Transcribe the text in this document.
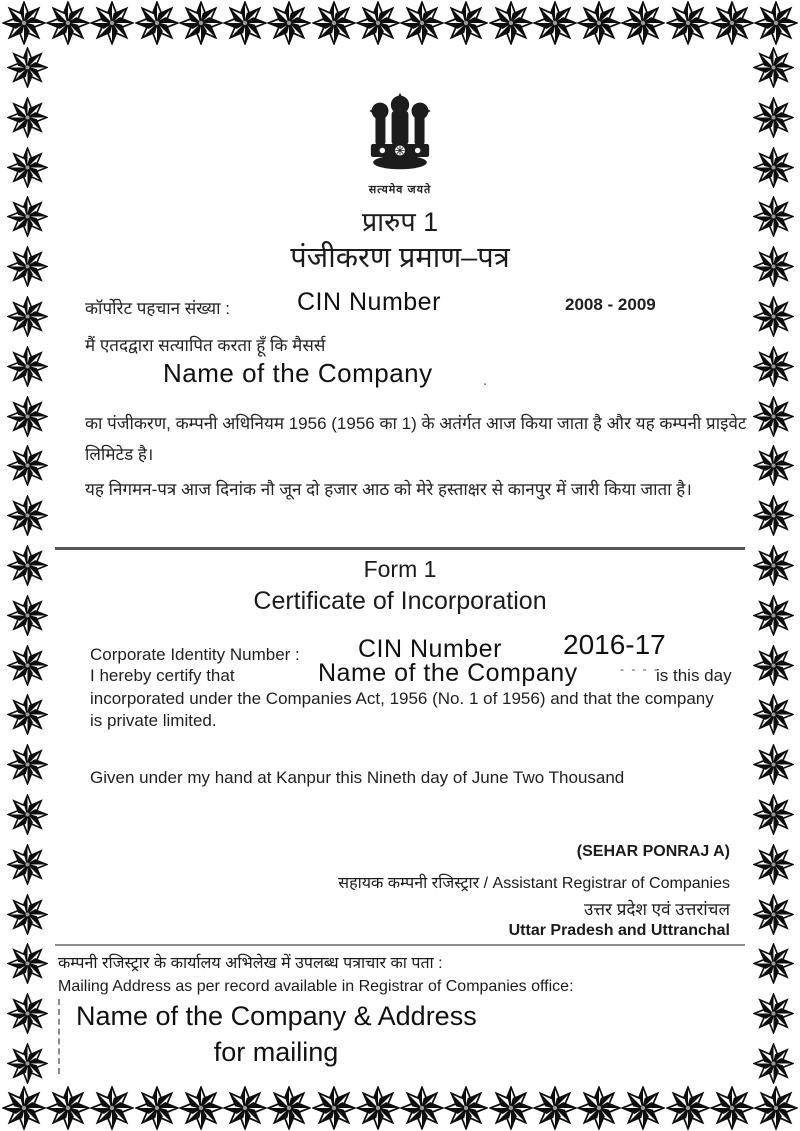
सत्यमेव जयते
प्रारुप 1
पंजीकरण प्रमाण–पत्र
कॉर्पोरेट पहचान संख्या :	CIN Number	2008 - 2009
मैं एतदद्वारा सत्यापित करता हूँ कि मैसर्स
Name of the Company	.
का पंजीकरण, कम्पनी अधिनियम 1956 (1956 का 1) के अतंर्गत आज किया जाता है और यह कम्पनी प्राइवेट लिमिटेड है।
यह निगमन-पत्र आज दिनांक नौ जून दो हजार आठ को मेरे हस्ताक्षर से कानपुर में जारी किया जाता है।
Form 1
Certificate of Incorporation
Corporate Identity Number : CIN Number 2016-17
- - - -
I hereby certify that	Name of the Company	is this day
incorporated under the Companies Act, 1956 (No. 1 of 1956) and that the company
is private limited.
Given under my hand at Kanpur this Nineth day of June Two Thousand
(SEHAR PONRAJ A)
सहायक कम्पनी रजिस्ट्रार / Assistant Registrar of Companies
उत्तर प्रदेश एवं उत्तरांचल
Uttar Pradesh and Uttranchal
कम्पनी रजिस्ट्रार के कार्यालय अभिलेख में उपलब्ध पत्राचार का पता :
Mailing Address as per record available in Registrar of Companies office:
Name of the Company & Address
for mailing
